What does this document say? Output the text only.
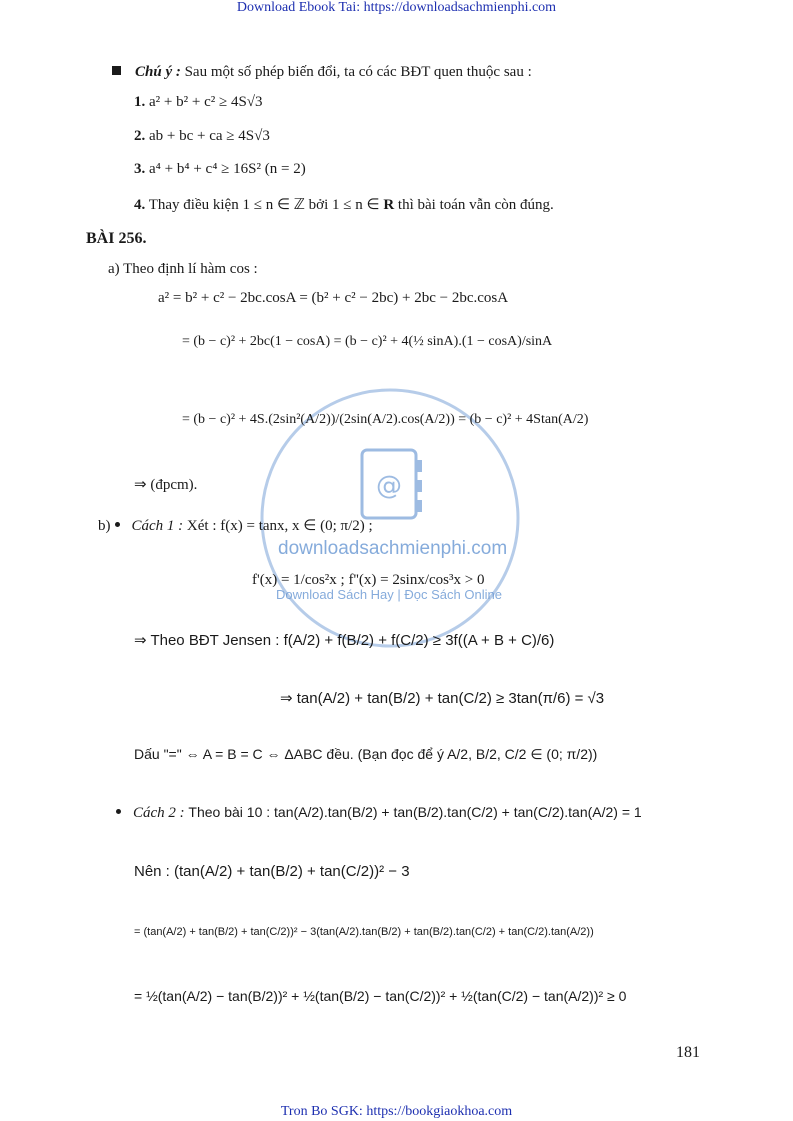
Download Ebook Tai: https://downloadsachmienphi.com
@
downloadsachmienphi.com
Download Sách Hay | Đọc Sách Online
Chú ý : Sau một số phép biến đổi, ta có các BĐT quen thuộc sau :
1. a² + b² + c² ≥ 4S√3
2. ab + bc + ca ≥ 4S√3
3. a⁴ + b⁴ + c⁴ ≥ 16S² (n = 2)
4. Thay điều kiện 1 ≤ n ∈ ℤ bởi 1 ≤ n ∈ R thì bài toán vẫn còn đúng.
BÀI 256.
a) Theo định lí hàm cos :
a² = b² + c² − 2bc.cosA = (b² + c² − 2bc) + 2bc − 2bc.cosA
= (b − c)² + 2bc(1 − cosA) = (b − c)² + 4(½ sinA).(1 − cosA)/sinA
= (b − c)² + 4S.(2sin²(A/2))/(2sin(A/2).cos(A/2)) = (b − c)² + 4Stan(A/2)
⇒ (đpcm).
b) Cách 1 : Xét : f(x) = tanx, x ∈ (0; π/2) ;
f'(x) = 1/cos²x ; f''(x) = 2sinx/cos³x > 0
⇒ Theo BĐT Jensen : f(A/2) + f(B/2) + f(C/2) ≥ 3f((A + B + C)/6)
⇒ tan(A/2) + tan(B/2) + tan(C/2) ≥ 3tan(π/6) = √3
Dấu "=" ⇔ A = B = C ⇔ ΔABC đều. (Bạn đọc để ý A/2, B/2, C/2 ∈ (0; π/2))
Cách 2 : Theo bài 10 : tan(A/2).tan(B/2) + tan(B/2).tan(C/2) + tan(C/2).tan(A/2) = 1
Nên : (tan(A/2) + tan(B/2) + tan(C/2))² − 3
= (tan(A/2) + tan(B/2) + tan(C/2))² − 3(tan(A/2).tan(B/2) + tan(B/2).tan(C/2) + tan(C/2).tan(A/2))
= ½(tan(A/2) − tan(B/2))² + ½(tan(B/2) − tan(C/2))² + ½(tan(C/2) − tan(A/2))² ≥ 0
181
Tron Bo SGK: https://bookgiaokhoa.com
